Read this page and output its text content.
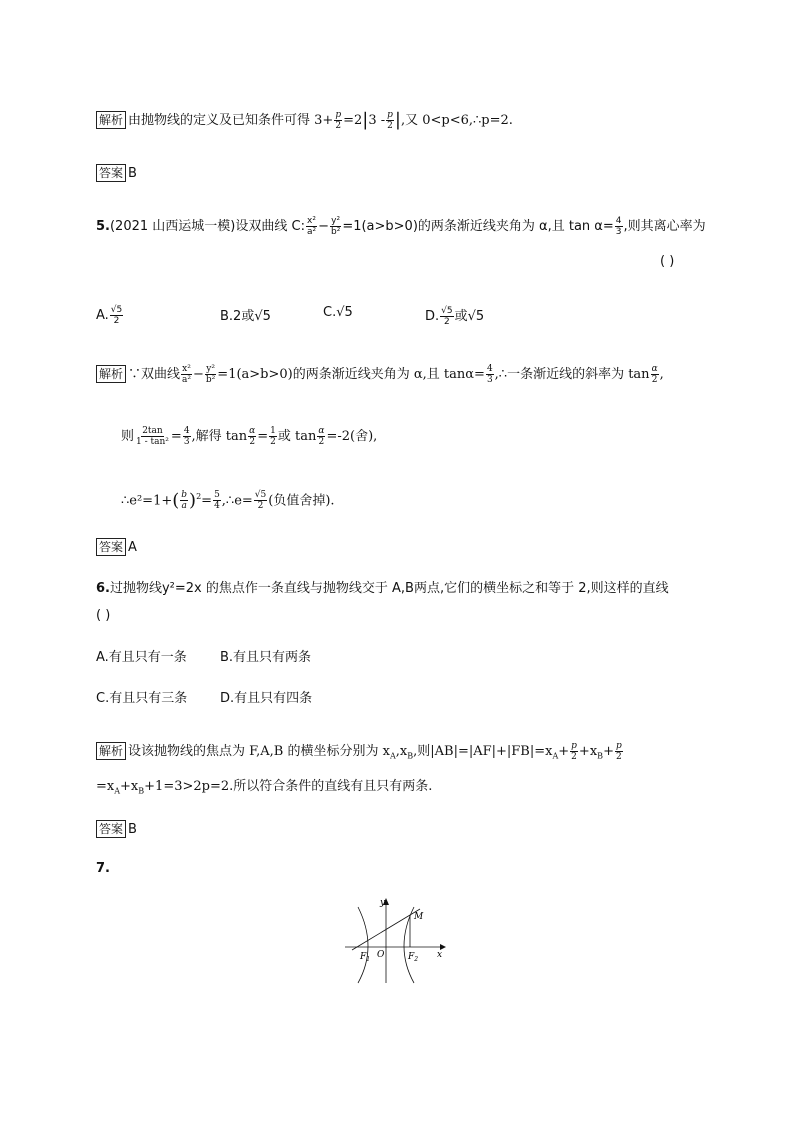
解析 由抛物线的定义及已知条件可得 $3+ \frac{p}{2} =2|3 - \frac{p}{2}$ |,又 0<p<6,∴p=2.
答案 B
5.(2021 山西运城一模)设双曲线 C: $\frac{\text{x²}}{\text{a²}} - \frac{\text{y²}}{\text{b²}} =1(a>b>0)$的两条渐近线夹角为 α,且 $\tan \alpha= \frac{4}{3}$ ,则其离心率为
( )
A. $\frac{√5}{2}$	B.2或√5	C.√5	D. $\frac{√5}{2}$ 或√5
解析 ∵双曲线 $\frac{\text{x²}}{\text{a²}} - \frac{\text{y²}}{\text{b²}} =1(a>b>0)$的两条渐近线夹角为 α,且 $\tan\alpha= \frac{4}{3}$ ,∴一条渐近线的斜率为 $\tan \frac{\alpha}{2}$ ,
则 $\frac{2\tan}{\text{1 - tan²}} = \frac{4}{3}$ ,解得 $\tan \frac{\alpha}{2} = \frac{1}{2}$ 或 $\tan \frac{\alpha}{2} =-2$(舍),
∴e²=1+( $\frac{b}{a} )^2= \frac{5}{4}$ ,∴e= $\frac{√5}{2}$ (负值舍掉).
答案 A
6.过抛物线y²=2x 的焦点作一条直线与抛物线交于 A,B两点,它们的横坐标之和等于 2,则这样的直线
( )
A.有且只有一条	B.有且只有两条
C.有且只有三条	D.有且只有四条
解析 设该抛物线的焦点为 F,A,B 的横坐标分别为 $x_A,x_B$,则$|AB|=|AF|+|FB|=x_A+ \frac{p}{2} +x_B+ \frac{p}{2}$
$=x_A+x_B+1=3>2p=2$.所以符合条件的直线有且只有两条.
答案 B
7.
y
x
O
$F_1$	$F_2$
M
